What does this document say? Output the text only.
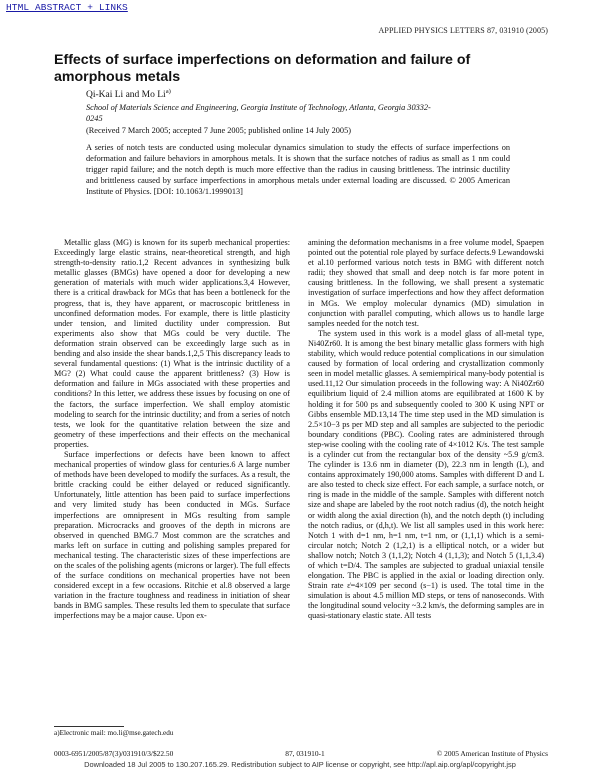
HTML ABSTRACT + LINKS
APPLIED PHYSICS LETTERS 87, 031910 (2005)
Effects of surface imperfections on deformation and failure of amorphous metals
Qi-Kai Li and Mo Li$^{a)}$
School of Materials Science and Engineering, Georgia Institute of Technology, Atlanta, Georgia 30332-0245
(Received 7 March 2005; accepted 7 June 2005; published online 14 July 2005)
A series of notch tests are conducted using molecular dynamics simulation to study the effects of surface imperfections on deformation and failure behaviors in amorphous metals. It is shown that the surface notches of radius as small as 1 nm could trigger rapid failure; and the notch depth is much more effective than the radius in causing brittleness. The intrinsic ductility and brittleness caused by surface imperfections in amorphous metals under external loading are discussed. © 2005 American Institute of Physics. [DOI: 10.1063/1.1999013]

Metallic glass (MG) is known for its superb mechanical properties: Exceedingly large elastic strains, near-theoretical strength, and high strength-to-density ratio.1,2 Recent advances in synthesizing bulk metallic glasses (BMGs) have opened a door for developing a new generation of materials with much wider applications.3,4 However, there is a critical drawback for MGs that has been a bottleneck for the progress, that is, they have apparent, or macroscopic brittleness in unconfined deformation modes. For example, there is little plasticity under tension, and limited ductility under compression. But experiments also show that MGs could be very ductile. The deformation strain observed can be exceedingly large such as in bending and also inside the shear bands.1,2,5 This discrepancy leads to several fundamental questions: (1) What is the intrinsic ductility of a MG? (2) What could cause the apparent brittleness? (3) How is deformation and failure in MGs associated with these properties and conditions? In this letter, we address these issues by focusing on one of the factors, the surface imperfection. We shall employ atomistic modeling to search for the intrinsic ductility; and from a series of notch tests, we look for the quantitative relation between the size and geometry of these imperfections and their effects on the mechanical properties.

Surface imperfections or defects have been known to affect mechanical properties of window glass for centuries.6 A large number of methods have been developed to modify the surfaces. As a result, the brittle cracking could be either delayed or reduced significantly. Unfortunately, little attention has been paid to surface imperfections and very limited study has been conducted in MGs. Surface imperfections are omnipresent in MGs resulting from sample preparation. Microcracks and grooves of the depth in microns are observed in quenched BMG.7 Most common are the scratches and marks left on surface in cutting and polishing samples prepared for mechanical testing. The characteristic sizes of these imperfections are on the scales of the polishing agents (microns or larger). The full effects of the surface conditions on mechanical properties have not been considered except in a few occasions. Ritchie et al.8 observed a large variation in the fracture toughness and readiness in initiation of shear bands in BMG samples. These results led them to speculate that surface imperfections may be a major cause. Upon ex-

amining the deformation mechanisms in a free volume model, Spaepen pointed out the potential role played by surface defects.9 Lewandowski et al.10 performed various notch tests in BMG with different notch radii; they showed that small and deep notch is far more potent in causing brittleness. In the following, we shall present a systematic investigation of surface imperfections and how they affect deformation in MGs. We employ molecular dynamics (MD) simulation in conjunction with parallel computing, which allows us to handle large samples needed for the notch test.

The system used in this work is a model glass of all-metal type, Ni40Zr60. It is among the best binary metallic glass formers with high stability, which would reduce potential complications in our simulation caused by formation of local ordering and crystallization commonly seen in model metallic glasses. A semiempirical many-body potential is used.11,12 Our simulation proceeds in the following way: A Ni40Zr60 equilibrium liquid of 2.4 million atoms are equilibrated at 1600 K by holding it for 500 ps and subsequently cooled to 300 K using NPT or Gibbs ensemble MD.13,14 The time step used in the MD simulation is 2.5×10−3 ps per MD step and all samples are subjected to the periodic boundary conditions (PBC). Cooling rates are administered through step-wise cooling with the cooling rate of 4×1012 K/s. The test sample is a cylinder cut from the rectangular box of the density ~5.9 g/cm3. The cylinder is 13.6 nm in diameter (D), 22.3 nm in length (L), and contains approximately 190,000 atoms. Samples with different D and L are also tested to check size effect. For each sample, a surface notch, or ring is made in the middle of the sample. Samples with different notch size and shape are labeled by the root notch radius (d), the notch height or width along the axial direction (h), and the notch depth (t) including the notch radius, or (d,h,t). We list all samples used in this work here: Notch 1 with d=1 nm, h=1 nm, t=1 nm, or (1,1,1) which is a semi-circular notch; Notch 2 (1,2,1) is a elliptical notch, or a wider but shallow notch; Notch 3 (1,1,2); Notch 4 (1,1,3); and Notch 5 (1,1,3.4) of which t=D/4. The samples are subjected to gradual uniaxial tensile elongation. The PBC is applied in the axial or loading direction only. Strain rate ε̇=4×109 per second (s−1) is used. The total time in the simulation is about 4.5 million MD steps, or tens of nanoseconds. With the longitudinal sound velocity ~3.2 km/s, the deforming samples are in quasi-stationary elastic state. All tests

a)Electronic mail: mo.li@mse.gatech.edu
0003-6951/2005/87(3)/031910/3/$22.50	87, 031910-1	© 2005 American Institute of Physics
Downloaded 18 Jul 2005 to 130.207.165.29. Redistribution subject to AIP license or copyright, see http://apl.aip.org/apl/copyright.jsp
